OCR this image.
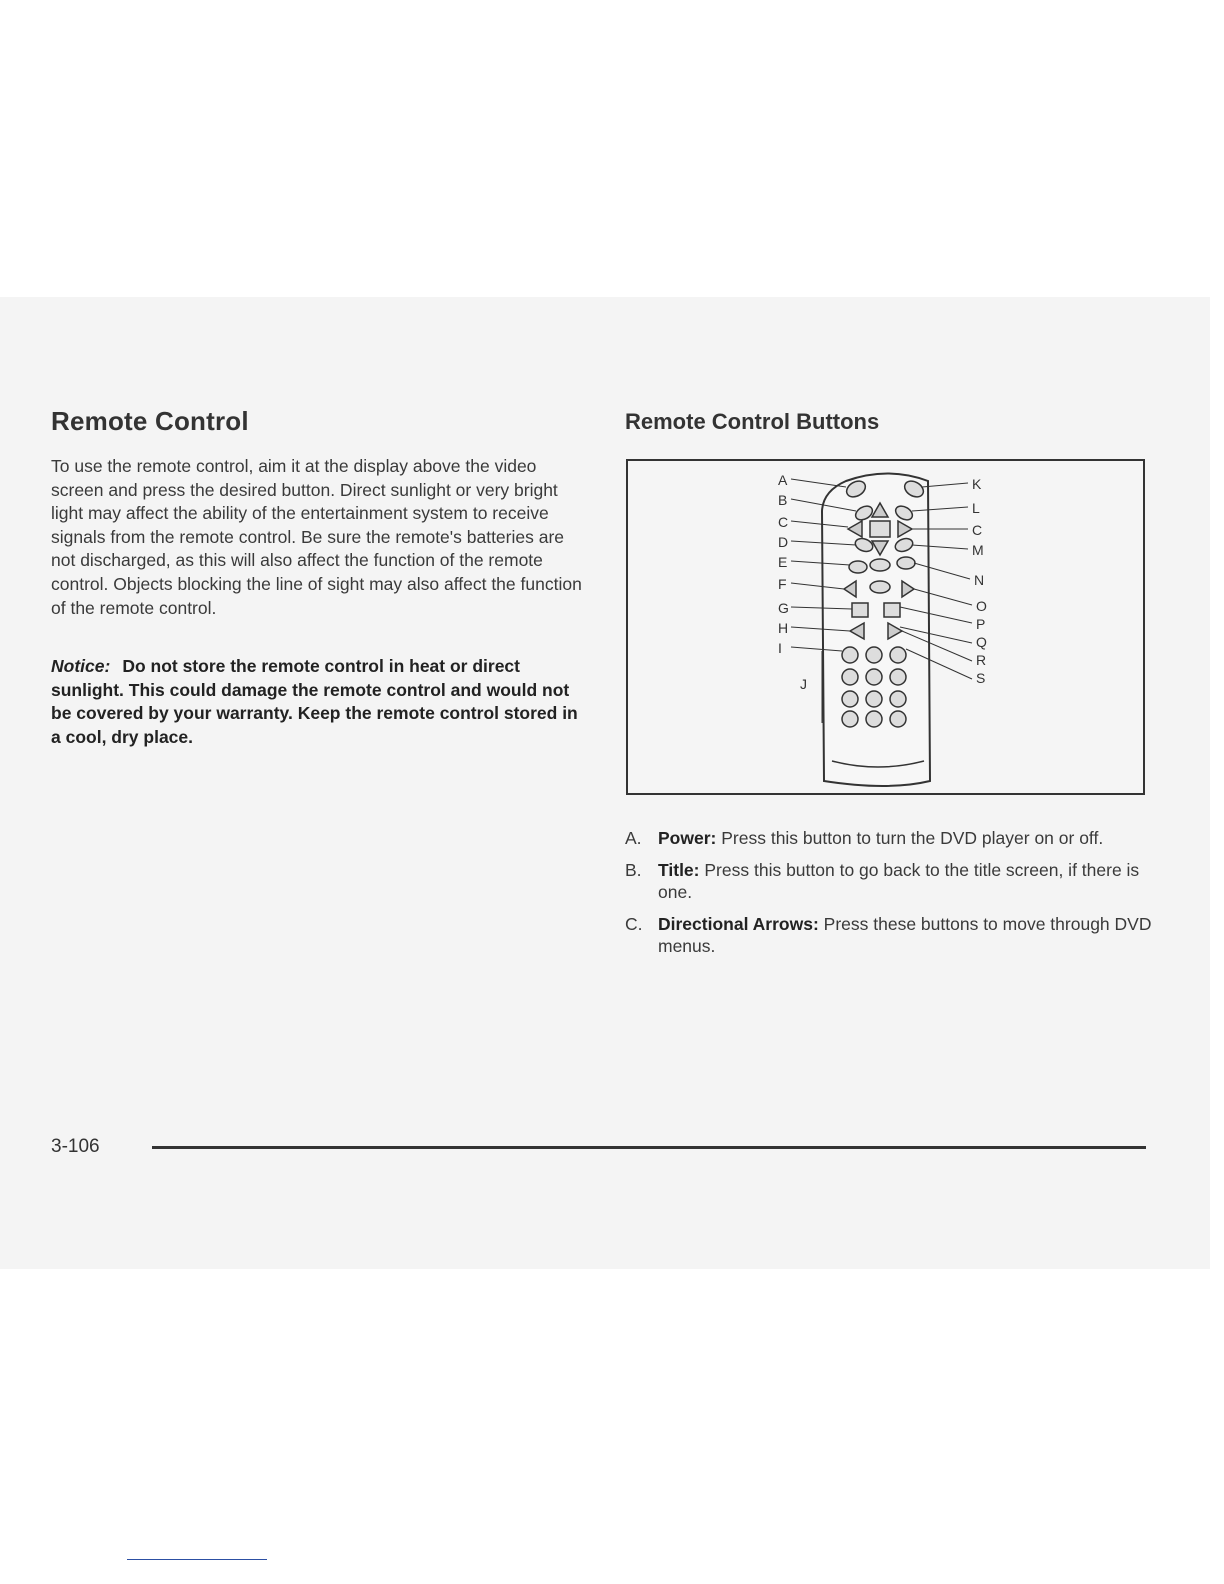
Remote Control

To use the remote control, aim it at the display above the video screen and press the desired button. Direct sunlight or very bright light may affect the ability of the entertainment system to receive signals from the remote control. Be sure the remote's batteries are not discharged, as this will also affect the function of the remote control. Objects blocking the line of sight may also affect the function of the remote control.

Notice: Do not store the remote control in heat or direct sunlight. This could damage the remote control and would not be covered by your warranty. Keep the remote control stored in a cool, dry place.

Remote Control Buttons
A
B
C
D
E
F
G
H
I
J
K
L
C
M
N
O
P
Q
R
S
A. Power: Press this button to turn the DVD player on or off.
B. Title: Press this button to go back to the title screen, if there is one.
C. Directional Arrows: Press these buttons to move through DVD menus.
3-106
